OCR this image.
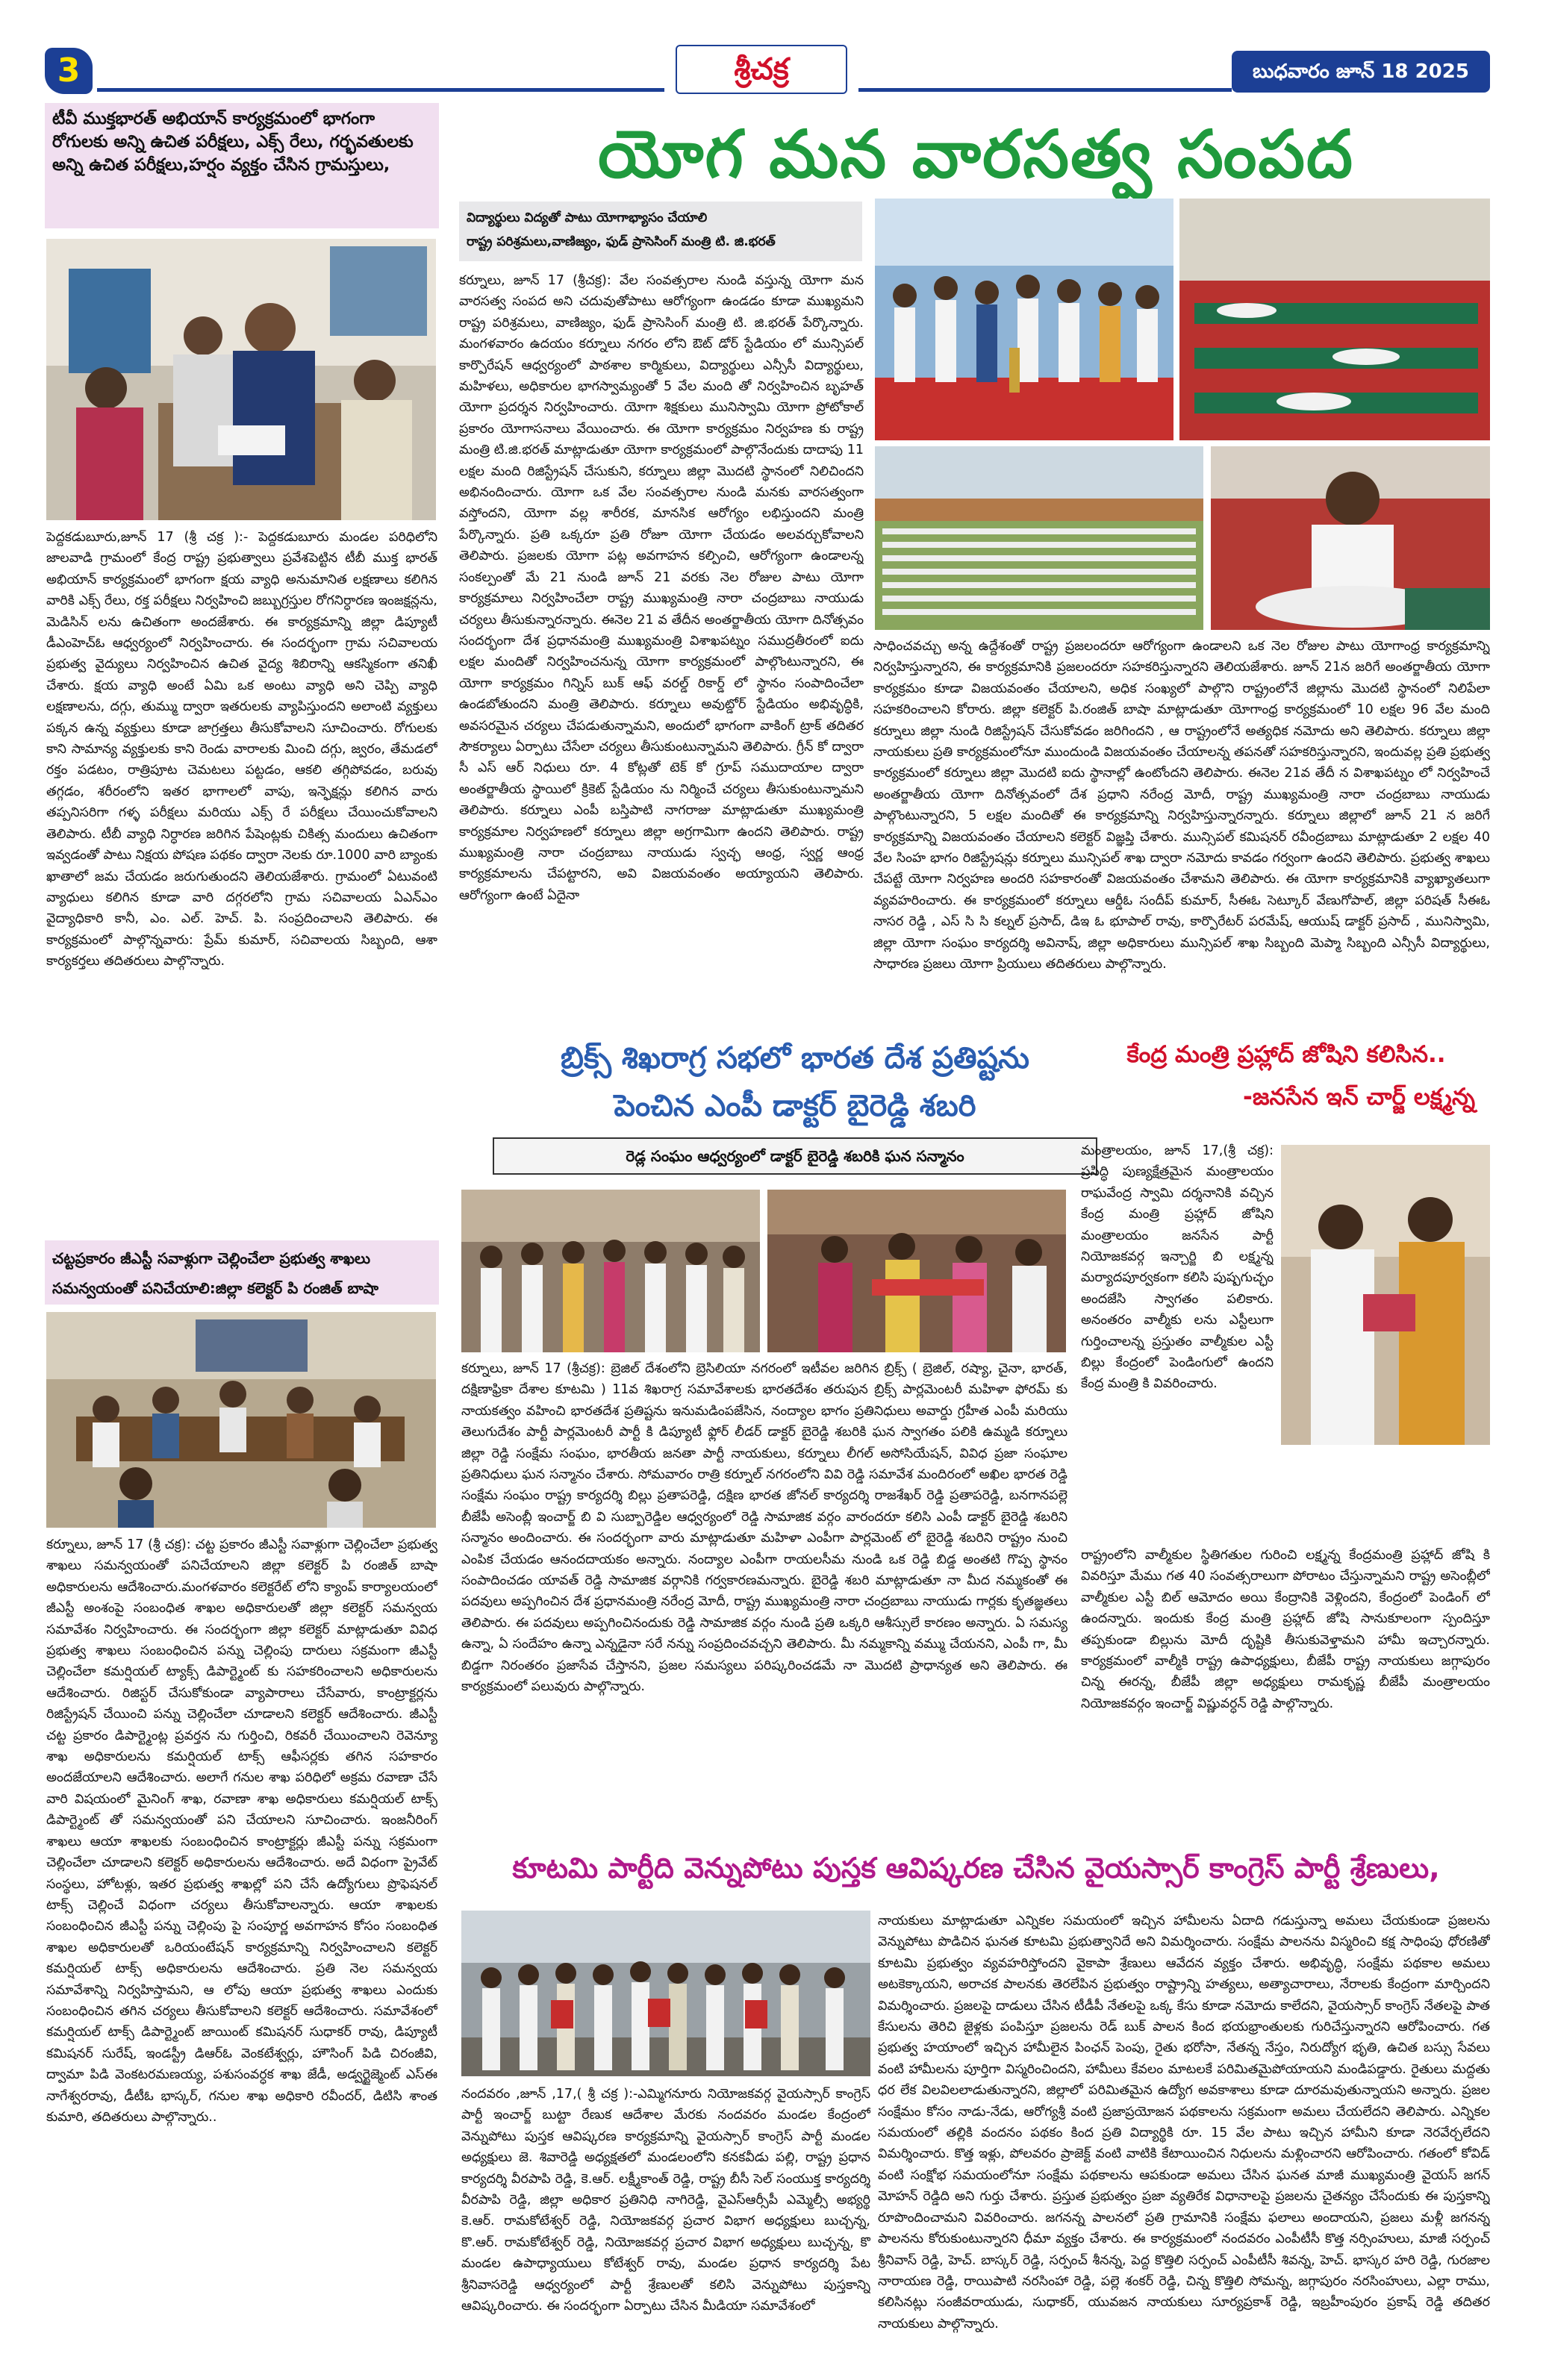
3	శ్రీచక్ర	బుధవారం జూన్ 18 2025
యోగ మన వారసత్వ సంపద
టీవీ ముక్తభారత్ అభియాన్ కార్యక్రమంలో భాగంగా రోగులకు అన్ని ఉచిత పరీక్షలు, ఎక్స్ రేలు, గర్భవతులకు అన్ని ఉచిత పరీక్షలు,హర్షం వ్యక్తం చేసిన గ్రామస్తులు,
పెద్దకడుబూరు,జూన్ 17 (శ్రీ చక్ర ):- పెద్దకడుబూరు మండల పరిధిలోని జాలవాడి గ్రామంలో కేంద్ర రాష్ట్ర ప్రభుత్వాలు ప్రవేశపెట్టిన టీబీ ముక్త భారత్ అభియాన్ కార్యక్రమంలో భాగంగా క్షయ వ్యాధి అనుమానిత లక్షణాలు కలిగిన వారికి ఎక్స్ రేలు, రక్త పరీక్షలు నిర్వహించి జబ్బుగ్రస్తుల రోగనిర్ధారణ ఇంజక్షన్లను, మెడిసిన్ లను ఉచితంగా అందజేశారు. ఈ కార్యక్రమాన్ని జిల్లా డిప్యూటీ డీఎంహెచ్ఓ ఆధ్వర్యంలో నిర్వహించారు. ఈ సందర్భంగా గ్రామ సచివాలయ ప్రభుత్వ వైద్యులు నిర్వహించిన ఉచిత వైద్య శిబిరాన్ని ఆకస్మికంగా తనిఖీ చేశారు. క్షయ వ్యాధి అంటే ఏమి ఒక అంటు వ్యాధి అని చెప్పి వ్యాధి లక్షణాలను, దగ్గు, తుమ్ము ద్వారా ఇతరులకు వ్యాపిస్తుందని అలాంటి వ్యక్తులు పక్కన ఉన్న వ్యక్తులు కూడా జాగ్రత్తలు తీసుకోవాలని సూచించారు. రోగులకు కాని సామాన్య వ్యక్తులకు కాని రెండు వారాలకు మించి దగ్గు, జ్వరం, తేమడలో రక్తం పడటం, రాత్రిపూట చెమటలు పట్టడం, ఆకలి తగ్గిపోవడం, బరువు తగ్గడం, శరీరంలోని ఇతర భాగాలలో వాపు, ఇన్ఫెక్షన్లు కలిగిన వారు తప్పనిసరిగా గళ్ళ పరీక్షలు మరియు ఎక్స్ రే పరీక్షలు చేయించుకోవాలని తెలిపారు. టీబీ వ్యాధి నిర్ధారణ జరిగిన పేషెంట్లకు చికిత్స మందులు ఉచితంగా ఇవ్వడంతో పాటు నిక్షయ పోషణ పథకం ద్వారా నెలకు రూ.1000 వారి బ్యాంకు ఖాతాలో జమ చేయడం జరుగుతుందని తెలియజేశారు. గ్రామంలో ఏటువంటి వ్యాధులు కలిగిన కూడా వారి దగ్గరలోని గ్రామ సచివాలయ ఏఎన్ఎం వైద్యాధికారి కానీ, ఎం. ఎల్. హెచ్. పి. సంప్రదించాలని తెలిపారు. ఈ కార్యక్రమంలో పాల్గొన్నవారు: ప్రేమ్ కుమార్, సచివాలయ సిబ్బంది, ఆశా కార్యకర్తలు తదితరులు పాల్గొన్నారు.
చట్టప్రకారం జీఎస్టీ సవాళ్లుగా చెల్లించేలా ప్రభుత్వ శాఖలు సమన్వయంతో పనిచేయాలి:జిల్లా కలెక్టర్ పి రంజిత్ బాషా
కర్నూలు, జూన్ 17 (శ్రీ చక్ర): చట్ట ప్రకారం జీఎస్టీ సవాళ్లుగా చెల్లించేలా ప్రభుత్వ శాఖలు సమన్వయంతో పనిచేయాలని జిల్లా కలెక్టర్ పి రంజిత్ బాషా అధికారులను ఆదేశించారు.మంగళవారం కలెక్టరేట్ లోని క్యాంప్ కార్యాలయంలో జీఎస్టీ అంశంపై సంబంధిత శాఖల అధికారులతో జిల్లా కలెక్టర్ సమన్వయ సమావేశం నిర్వహించారు. ఈ సందర్భంగా జిల్లా కలెక్టర్ మాట్లాడుతూ వివిధ ప్రభుత్వ శాఖలు సంబంధించిన పన్ను చెల్లింపు దారులు సక్రమంగా జీఎస్టీ చెల్లించేలా కమర్షియల్ ట్యాక్స్ డిపార్ట్మెంట్ కు సహకరించాలని అధికారులను ఆదేశించారు. రిజిస్టర్ చేసుకోకుండా వ్యాపారాలు చేసేవారు, కాంట్రాక్టర్లను రిజిస్ట్రేషన్ చేయించి పన్ను చెల్లించేలా చూడాలని కలెక్టర్ ఆదేశించారు. జీఎస్టీ చట్ట ప్రకారం డిపార్ట్మెంట్ల ప్రవర్తన ను గుర్తించి, రికవరీ చేయించాలని రెవెన్యూ శాఖ అధికారులను కమర్షియల్ టాక్స్ ఆఫీసర్లకు తగిన సహకారం అందజేయాలని ఆదేశించారు. అలాగే గనుల శాఖ పరిధిలో అక్రమ రవాణా చేసే వారి విషయంలో మైనింగ్ శాఖ, రవాణా శాఖ అధికారులు కమర్షియల్ టాక్స్ డిపార్ట్మెంట్ తో సమన్వయంతో పని చేయాలని సూచించారు. ఇంజనీరింగ్ శాఖలు ఆయా శాఖలకు సంబంధించిన కాంట్రాక్టర్లు జీఎస్టీ పన్ను సక్రమంగా చెల్లించేలా చూడాలని కలెక్టర్ అధికారులను ఆదేశించారు. అదే విధంగా ప్రైవేట్ సంస్థలు, హోటళ్లు, ఇతర ప్రభుత్వ శాఖల్లో పని చేసే ఉద్యోగులు ప్రొఫెషనల్ టాక్స్ చెల్లించే విధంగా చర్యలు తీసుకోవాలన్నారు. ఆయా శాఖలకు సంబంధించిన జీఎస్టీ పన్ను చెల్లింపు పై సంపూర్ణ అవగాహన కోసం సంబంధిత శాఖల అధికారులతో ఒరియంటేషన్ కార్యక్రమాన్ని నిర్వహించాలని కలెక్టర్ కమర్షియల్ టాక్స్ అధికారులను ఆదేశించారు. ప్రతి నెల సమన్వయ సమావేశాన్ని నిర్వహిస్తామని, ఆ లోపు ఆయా ప్రభుత్వ శాఖలు ఎందుకు సంబంధించిన తగిన చర్యలు తీసుకోవాలని కలెక్టర్ ఆదేశించారు. సమావేశంలో కమర్షియల్ టాక్స్ డిపార్ట్మెంట్ జాయింట్ కమిషనర్ సుధాకర్ రావు, డిప్యూటీ కమిషనర్ సురేష్, ఇండస్ట్రీ డిఆర్ఓ వెంకటేశ్వర్లు, హౌసింగ్ పిడి చిరంజీవి, ద్వామా పిడి వెంకటరమణయ్య, పశుసంవర్ధక శాఖ జేడీ, అడ్వర్టైజ్మెంట్ ఎస్ఈ నాగేశ్వరరావు, డీటీఓ భాస్కర్, గనుల శాఖ అధికారి రవీందర్, డిటిసి శాంత కుమారి, తదితరులు పాల్గొన్నారు..
విద్యార్థులు విద్యతో పాటు యోగాభ్యాసం చేయాలి
రాష్ట్ర పరిశ్రమలు,వాణిజ్యం, ఫుడ్ ప్రాసెసింగ్ మంత్రి టి. జి.భరత్
కర్నూలు, జూన్ 17 (శ్రీచక్ర): వేల సంవత్సరాల నుండి వస్తున్న యోగా మన వారసత్వ సంపద అని చదువుతోపాటు ఆరోగ్యంగా ఉండడం కూడా ముఖ్యమని రాష్ట్ర పరిశ్రమలు, వాణిజ్యం, ఫుడ్ ప్రాసెసింగ్ మంత్రి టి. జి.భరత్ పేర్కొన్నారు. మంగళవారం ఉదయం కర్నూలు నగరం లోని ఔట్ డోర్ స్టేడియం లో మున్సిపల్ కార్పొరేషన్ ఆధ్వర్యంలో పాఠశాల కార్మికులు, విద్యార్థులు ఎన్సీసీ విద్యార్థులు, మహిళలు, అధికారుల భాగస్వామ్యంతో 5 వేల మంది తో నిర్వహించిన బృహత్ యోగా ప్రదర్శన నిర్వహించారు. యోగా శిక్షకులు మునిస్వామి యోగా ప్రోటోకాల్ ప్రకారం యోగాసనాలు వేయించారు. ఈ యోగా కార్యక్రమం నిర్వహణ కు రాష్ట్ర మంత్రి టి.జి.భరత్ మాట్లాడుతూ యోగా కార్యక్రమంలో పాల్గొనేందుకు దాదాపు 11 లక్షల మంది రిజిస్ట్రేషన్ చేసుకుని, కర్నూలు జిల్లా మొదటి స్థానంలో నిలిచిందని అభినందించారు. యోగా ఒక వేల సంవత్సరాల నుండి మనకు వారసత్వంగా వస్తోందని, యోగా వల్ల శారీరక, మానసిక ఆరోగ్యం లభిస్తుందని మంత్రి పేర్కొన్నారు. ప్రతి ఒక్కరూ ప్రతి రోజూ యోగా చేయడం అలవర్చుకోవాలని తెలిపారు. ప్రజలకు యోగా పట్ల అవగాహన కల్పించి, ఆరోగ్యంగా ఉండాలన్న సంకల్పంతో మే 21 నుండి జూన్ 21 వరకు నెల రోజుల పాటు యోగా కార్యక్రమాలు నిర్వహించేలా రాష్ట్ర ముఖ్యమంత్రి నారా చంద్రబాబు నాయుడు చర్యలు తీసుకున్నారన్నారు. ఈనెల 21 వ తేదీన అంతర్జాతీయ యోగా దినోత్సవం సందర్భంగా దేశ ప్రధానమంత్రి ముఖ్యమంత్రి విశాఖపట్నం సముద్రతీరంలో ఐదు లక్షల మందితో నిర్వహించనున్న యోగా కార్యక్రమంలో పాల్గొంటున్నారని, ఈ యోగా కార్యక్రమం గిన్నిస్ బుక్ ఆఫ్ వరల్డ్ రికార్డ్ లో స్థానం సంపాదించేలా ఉండబోతుందని మంత్రి తెలిపారు. కర్నూలు అవుట్డోర్ స్టేడియం అభివృద్ధికి, అవసరమైన చర్యలు చేపడుతున్నామని, అందులో భాగంగా వాకింగ్ ట్రాక్ తదితర సౌకర్యాలు ఏర్పాటు చేసేలా చర్యలు తీసుకుంటున్నామని తెలిపారు. గ్రీన్ కో ద్వారా సీ ఎస్ ఆర్ నిధులు రూ. 4 కోట్లతో టెక్ కో గ్రూప్ సముదాయాల ద్వారా అంతర్జాతీయ స్థాయిలో క్రికెట్ స్టేడియం ను నిర్మించే చర్యలు తీసుకుంటున్నామని తెలిపారు. కర్నూలు ఎంపీ బస్తిపాటి నాగరాజు మాట్లాడుతూ ముఖ్యమంత్రి కార్యక్రమాల నిర్వహణలో కర్నూలు జిల్లా అగ్రగామిగా ఉందని తెలిపారు. రాష్ట్ర ముఖ్యమంత్రి నారా చంద్రబాబు నాయుడు స్వచ్ఛ ఆంధ్ర, స్వర్ణ ఆంధ్ర కార్యక్రమాలను చేపట్టారని, అవి విజయవంతం అయ్యాయని తెలిపారు. ఆరోగ్యంగా ఉంటే ఏదైనా
సాధించవచ్చు అన్న ఉద్దేశంతో రాష్ట్ర ప్రజలందరూ ఆరోగ్యంగా ఉండాలని ఒక నెల రోజుల పాటు యోగాంధ్ర కార్యక్రమాన్ని నిర్వహిస్తున్నారని, ఈ కార్యక్రమానికి ప్రజలందరూ సహకరిస్తున్నారని తెలియజేశారు. జూన్ 21న జరిగే అంతర్జాతీయ యోగా కార్యక్రమం కూడా విజయవంతం చేయాలని, అధిక సంఖ్యలో పాల్గొని రాష్ట్రంలోనే జిల్లాను మొదటి స్థానంలో నిలిపేలా సహకరించాలని కోరారు. జిల్లా కలెక్టర్ పి.రంజిత్ బాషా మాట్లాడుతూ యోగాంధ్ర కార్యక్రమంలో 10 లక్షల 96 వేల మంది కర్నూలు జిల్లా నుండి రిజిస్ట్రేషన్ చేసుకోవడం జరిగిందని , ఆ రాష్ట్రంలోనే అత్యధిక నమోదు అని తెలిపారు. కర్నూలు జిల్లా నాయకులు ప్రతి కార్యక్రమంలోనూ ముందుండి విజయవంతం చేయాలన్న తపనతో సహకరిస్తున్నారని, ఇందువల్ల ప్రతి ప్రభుత్వ కార్యక్రమంలో కర్నూలు జిల్లా మొదటి ఐదు స్థానాల్లో ఉంటోందని తెలిపారు. ఈనెల 21వ తేదీ న విశాఖపట్నం లో నిర్వహించే అంతర్జాతీయ యోగా దినోత్సవంలో దేశ ప్రధాని నరేంద్ర మోదీ, రాష్ట్ర ముఖ్యమంత్రి నారా చంద్రబాబు నాయుడు పాల్గొంటున్నారని, 5 లక్షల మందితో ఈ కార్యక్రమాన్ని నిర్వహిస్తున్నారన్నారు. కర్నూలు జిల్లాలో జూన్ 21 న జరిగే కార్యక్రమాన్ని విజయవంతం చేయాలని కలెక్టర్ విజ్ఞప్తి చేశారు. మున్సిపల్ కమిషనర్ రవీంద్రబాబు మాట్లాడుతూ 2 లక్షల 40 వేల సింహ భాగం రిజిస్ట్రేషన్లు కర్నూలు మున్సిపల్ శాఖ ద్వారా నమోదు కావడం గర్వంగా ఉందని తెలిపారు. ప్రభుత్వ శాఖలు చేపట్టే యోగా నిర్వహణ అందరి సహకారంతో విజయవంతం చేశామని తెలిపారు. ఈ యోగా కార్యక్రమానికి వ్యాఖ్యాతలుగా వ్యవహరించారు. ఈ కార్యక్రమంలో కర్నూలు ఆర్డీఓ సందీప్ కుమార్, సీఈఓ సెట్కూర్ వేణుగోపాల్, జిల్లా పరిషత్ సీఈఓ నాసర రెడ్డి , ఎస్ సి సి కల్నల్ ప్రసాద్, డిఇ ఓ భూపాల్ రావు, కార్పొరేటర్ పరమేష్, ఆయుష్ డాక్టర్ ప్రసాద్ , మునిస్వామి, జిల్లా యోగా సంఘం కార్యదర్శి అవినాష్, జిల్లా అధికారులు మున్సిపల్ శాఖ సిబ్బంది మెప్మా సిబ్బంది ఎన్సీసీ విద్యార్థులు, సాధారణ ప్రజలు యోగా ప్రియులు తదితరులు పాల్గొన్నారు.
బ్రిక్స్ శిఖరాగ్ర సభలో భారత దేశ ప్రతిష్టను
పెంచిన ఎంపీ డాక్టర్ బైరెడ్డి శబరి
రెడ్ల సంఘం ఆధ్వర్యంలో డాక్టర్ బైరెడ్డి శబరికి ఘన సన్మానం
కర్నూలు, జూన్ 17 (శ్రీచక్ర): బ్రెజిల్ దేశంలోని బ్రెసిలియా నగరంలో ఇటీవల జరిగిన బ్రిక్స్ ( బ్రెజిల్, రష్యా, చైనా, భారత్, దక్షిణాఫ్రికా దేశాల కూటమి ) 11వ శిఖరాగ్ర సమావేశాలకు భారతదేశం తరుపున బ్రిక్స్ పార్లమెంటరీ మహిళా ఫోరమ్ కు నాయకత్వం వహించి భారతదేశ ప్రతిష్టను ఇనుమడింపజేసిన, నంద్యాల భాగం ప్రతినిధులు అవార్డు గ్రహీత ఎంపీ మరియు తెలుగుదేశం పార్టీ పార్లమెంటరీ పార్టీ కి డిప్యూటీ ఫ్లోర్ లీడర్ డాక్టర్ బైరెడ్డి శబరికి ఘన స్వాగతం పలికి ఉమ్మడి కర్నూలు జిల్లా రెడ్డి సంక్షేమ సంఘం, భారతీయ జనతా పార్టీ నాయకులు, కర్నూలు లీగల్ అసోసియేషన్, వివిధ ప్రజా సంఘాల ప్రతినిధులు ఘన సన్మానం చేశారు. సోమవారం రాత్రి కర్నూల్ నగరంలోని వివి రెడ్డి సమావేశ మందిరంలో అఖిల భారత రెడ్డి సంక్షేమ సంఘం రాష్ట్ర కార్యదర్శి బిల్లు ప్రతాపరెడ్డి, దక్షిణ భారత జోనల్ కార్యదర్శి రాజశేఖర్ రెడ్డి ప్రతాపరెడ్డి, బనగానపల్లె బీజేపీ అసెంబ్లీ ఇంచార్జ్ బి వి సుబ్బారెడ్డిల ఆధ్వర్యంలో రెడ్డి సామాజిక వర్గం వారందరూ కలిసి ఎంపీ డాక్టర్ బైరెడ్డి శబరిని సన్మానం అందించారు. ఈ సందర్భంగా వారు మాట్లాడుతూ మహిళా ఎంపీగా పార్లమెంట్ లో బైరెడ్డి శబరిని రాష్ట్రం నుంచి ఎంపిక చేయడం ఆనందదాయకం అన్నారు. నంద్యాల ఎంపీగా రాయలసీమ నుండి ఒక రెడ్డి బిడ్డ అంతటి గొప్ప స్థానం సంపాదించడం యావత్ రెడ్డి సామాజిక వర్గానికి గర్వకారణమన్నారు. బైరెడ్డి శబరి మాట్లాడుతూ నా మీద నమ్మకంతో ఈ పదవులు అప్పగించిన దేశ ప్రధానమంత్రి నరేంద్ర మోదీ, రాష్ట్ర ముఖ్యమంత్రి నారా చంద్రబాబు నాయుడు గార్లకు కృతజ్ఞతలు తెలిపారు. ఈ పదవులు అప్పగించినందుకు రెడ్డి సామాజిక వర్గం నుండి ప్రతి ఒక్కరి ఆశీస్సులే కారణం అన్నారు. ఏ సమస్య ఉన్నా, ఏ సందేహం ఉన్నా ఎన్నడైనా సరే నన్ను సంప్రదించవచ్చని తెలిపారు. మీ నమ్మకాన్ని వమ్ము చేయనని, ఎంపీ గా, మీ బిడ్డగా నిరంతరం ప్రజాసేవ చేస్తానని, ప్రజల సమస్యలు పరిష్కరించడమే నా మొదటి ప్రాధాన్యత అని తెలిపారు. ఈ కార్యక్రమంలో పలువురు పాల్గొన్నారు.
కేంద్ర మంత్రి ప్రహ్లాద్ జోషిని కలిసిన..
-జనసేన ఇన్ చార్జ్ లక్ష్మన్న
మంత్రాలయం, జూన్ 17,(శ్రీ చక్ర): ప్రసిద్ధి పుణ్యక్షేత్రమైన మంత్రాలయం రాఘవేంద్ర స్వామి దర్శనానికి వచ్చిన కేంద్ర మంత్రి ప్రహ్లాద్ జోషిని మంత్రాలయం జనసేన పార్టీ నియోజకవర్గ ఇన్చార్జి బి లక్ష్మన్న మర్యాదపూర్వకంగా కలిసి పుష్పగుచ్ఛం అందజేసి స్వాగతం పలికారు. అనంతరం వాల్మీకు లను ఎస్టీలుగా గుర్తించాలన్న ప్రస్తుతం వాల్మీకుల ఎస్టీ బిల్లు కేంద్రంలో పెండింగులో ఉందని కేంద్ర మంత్రి కి వివరించారు.
రాష్ట్రంలోని వాల్మీకుల స్థితిగతుల గురించి లక్ష్మన్న కేంద్రమంత్రి ప్రహ్లాద్ జోషి కి వివరిస్తూ మేము గత 40 సంవత్సరాలుగా పోరాటం చేస్తున్నామని రాష్ట్ర అసెంబ్లీలో వాల్మీకుల ఎస్టీ బిల్ ఆమోదం అయి కేంద్రానికి వెళ్లిందని, కేంద్రంలో పెండింగ్ లో ఉందన్నారు. ఇందుకు కేంద్ర మంత్రి ప్రహ్లాద్ జోషి సానుకూలంగా స్పందిస్తూ తప్పకుండా బిల్లును మోదీ దృష్టికి తీసుకువెళ్తామని హామీ ఇచ్చారన్నారు. కార్యక్రమంలో వాల్మీకి రాష్ట్ర ఉపాధ్యక్షులు, బీజేపీ రాష్ట్ర నాయకులు జగ్గాపురం చిన్న ఈరన్న, బీజేపీ జిల్లా అధ్యక్షులు రామకృష్ణ బీజేపీ మంత్రాలయం నియోజకవర్గం ఇంచార్జ్ విష్ణువర్ధన్ రెడ్డి పాల్గొన్నారు.
కూటమి పార్టీది వెన్నుపోటు పుస్తక ఆవిష్కరణ చేసిన వైయస్సార్ కాంగ్రెస్ పార్టీ శ్రేణులు,
నందవరం ,జూన్ ,17,( శ్రీ చక్ర ):-ఎమ్మిగనూరు నియోజకవర్గ వైయస్సార్ కాంగ్రెస్ పార్టీ ఇంచార్జ్ బుట్టా రేణుక ఆదేశాల మేరకు నందవరం మండల కేంద్రంలో వెన్నుపోటు పుస్తక ఆవిష్కరణ కార్యక్రమాన్ని వైయస్సార్ కాంగ్రెస్ పార్టీ మండల అధ్యక్షులు జె. శివారెడ్డి అధ్యక్షతలో మండలంలోని కనకవీడు పల్లి, రాష్ట్ర ప్రధాన కార్యదర్శి వీరపాపి రెడ్డి, కె.ఆర్. లక్ష్మీకాంత్ రెడ్డి, రాష్ట్ర బీసీ సెల్ సంయుక్త కార్యదర్శి వీరపాపి రెడ్డి, జిల్లా అధికార ప్రతినిధి నాగిరెడ్డి, వైఎస్ఆర్సీపీ ఎమ్మెల్సీ అభ్యర్థి కె.ఆర్. రామకోటేశ్వర్ రెడ్డి, నియోజకవర్గ ప్రచార విభాగ అధ్యక్షులు బుచ్చన్న, కొ.ఆర్. రామకోటేశ్వర్ రెడ్డి, నియోజకవర్గ ప్రచార విభాగ అధ్యక్షులు బుచ్చన్న, కొ మండల ఉపాధ్యాయులు కోటేశ్వర్ రావు, మండల ప్రధాన కార్యదర్శి పేట శ్రీనివాసరెడ్డి ఆధ్వర్యంలో పార్టీ శ్రేణులతో కలిసి వెన్నుపోటు పుస్తకాన్ని ఆవిష్కరించారు. ఈ సందర్భంగా ఏర్పాటు చేసిన మీడియా సమావేశంలో
నాయకులు మాట్లాడుతూ ఎన్నికల సమయంలో ఇచ్చిన హామీలను ఏదాది గడుస్తున్నా అమలు చేయకుండా ప్రజలను వెన్నుపోటు పొడిచిన ఘనత కూటమి ప్రభుత్వానిదే అని విమర్శించారు. సంక్షేమ పాలనను విస్మరించి కక్ష సాధింపు ధోరణితో కూటమి ప్రభుత్వం వ్యవహరిస్తోందని వైకాపా శ్రేణులు ఆవేదన వ్యక్తం చేశారు. అభివృద్ధి, సంక్షేమ పథకాల అమలు అటకెక్కాయని, అరాచక పాలనకు తెరలేపిన ప్రభుత్వం రాష్ట్రాన్ని హత్యలు, అత్యాచారాలు, నేరాలకు కేంద్రంగా మార్చిందని విమర్శించారు. ప్రజలపై దాడులు చేసిన టీడీపీ నేతలపై ఒక్క కేసు కూడా నమోదు కాలేదని, వైయస్సార్ కాంగ్రెస్ నేతలపై పాత కేసులను తెరిచి జైళ్లకు పంపిస్తూ ప్రజలను రెడ్ బుక్ పాలన కింద భయభ్రాంతులకు గురిచేస్తున్నారని ఆరోపించారు. గత ప్రభుత్వ హయాంలో ఇచ్చిన హామీలైన పింఛన్ పెంపు, రైతు భరోసా, నేతన్న నేస్తం, నిరుద్యోగ భృతి, ఉచిత బస్సు సేవలు వంటి హామీలను పూర్తిగా విస్మరించిందని, హామీలు కేవలం మాటలకే పరిమితమైపోయాయని మండిపడ్డారు. రైతులు మద్దతు ధర లేక విలవిలలాడుతున్నారని, జిల్లాలో పరిమితమైన ఉద్యోగ అవకాశాలు కూడా దూరమవుతున్నాయని అన్నారు. ప్రజల సంక్షేమం కోసం నాడు-నేడు, ఆరోగ్యశ్రీ వంటి ప్రజాప్రయోజన పథకాలను సక్రమంగా అమలు చేయలేదని తెలిపారు. ఎన్నికల సమయంలో తల్లికి వందనం పథకం కింద ప్రతి విద్యార్థికి రూ. 15 వేల పాటు ఇచ్చిన హామీని కూడా నెరవేర్చలేదని విమర్శించారు. కొత్త ఇళ్లు, పోలవరం ప్రాజెక్ట్ వంటి వాటికి కేటాయించిన నిధులను మళ్లించారని ఆరోపించారు. గతంలో కోవిడ్ వంటి సంక్షోభ సమయంలోనూ సంక్షేమ పథకాలను ఆపకుండా అమలు చేసిన ఘనత మాజీ ముఖ్యమంత్రి వైయస్ జగన్ మోహన్ రెడ్డిది అని గుర్తు చేశారు. ప్రస్తుత ప్రభుత్వం ప్రజా వ్యతిరేక విధానాలపై ప్రజలను చైతన్యం చేసేందుకు ఈ పుస్తకాన్ని రూపొందించామని వివరించారు. జగనన్న పాలనలో ప్రతి గ్రామానికి సంక్షేమ ఫలాలు అందాయని, ప్రజలు మళ్లీ జగనన్న పాలనను కోరుకుంటున్నారని ధీమా వ్యక్తం చేశారు. ఈ కార్యక్రమంలో నందవరం ఎంపీటీసీ కొత్త నర్సింహులు, మాజీ సర్పంచ్ శ్రీనివాస్ రెడ్డి, హెచ్. బాస్కర్ రెడ్డి, సర్పంచ్ శీనన్న, పెద్ద కొత్తిలి సర్పంచ్ ఎంపీటీసీ శివన్న, హెచ్. భాస్కర హరి రెడ్డి, గురజాల నారాయణ రెడ్డి, రాయిపాటి నరసింహా రెడ్డి, పల్లె శంకర్ రెడ్డి, చిన్న కొత్తిలి సోమన్న, జగ్గాపురం నరసింహులు, ఎల్లా రాము, కలిసినట్లు సంజీవరాయుడు, సుధాకర్, యువజన నాయకులు సూర్యప్రకాశ్ రెడ్డి, ఇబ్రహీంపురం ప్రకాష్ రెడ్డి తదితర నాయకులు పాల్గొన్నారు.
